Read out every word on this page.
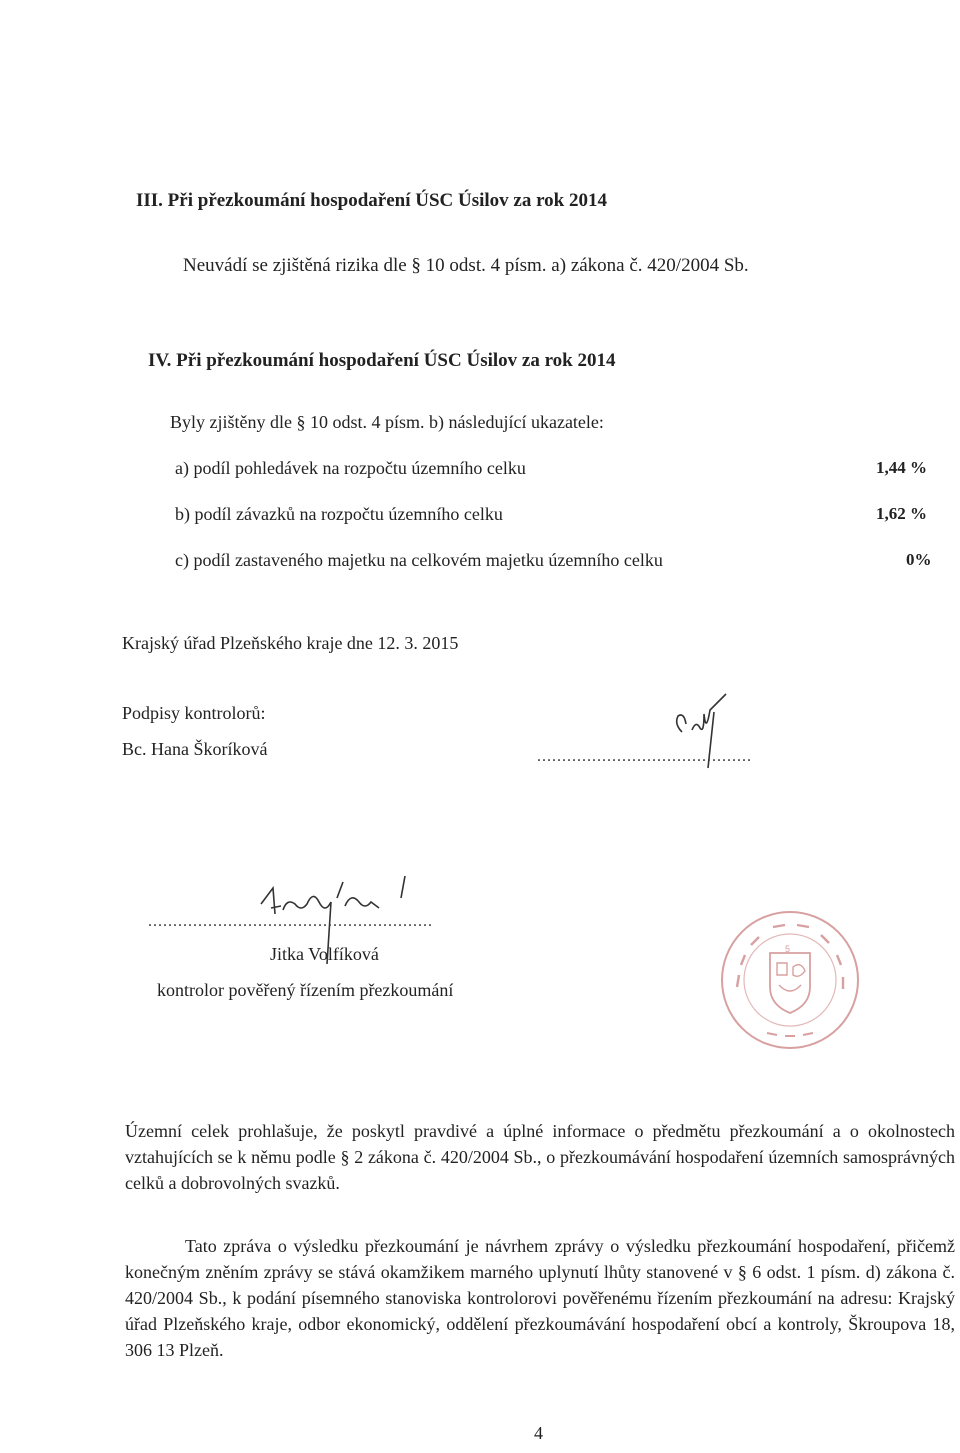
III. Při přezkoumání hospodaření ÚSC Úsilov za rok 2014
Neuvádí se zjištěná rizika dle § 10 odst. 4 písm. a) zákona č. 420/2004 Sb.
IV. Při přezkoumání hospodaření ÚSC Úsilov za rok 2014
Byly zjištěny dle § 10 odst. 4 písm. b) následující ukazatele:
a) podíl pohledávek na rozpočtu územního celku	1,44 %
b) podíl závazků na rozpočtu územního celku	1,62 %
c) podíl zastaveného majetku na celkovém majetku územního celku	0%
Krajský úřad Plzeňského kraje dne 12. 3. 2015
Podpisy kontrolorů:
Bc. Hana Škoríková	...........................................
.........................................................
Jitka Volfíková
kontrolor pověřený řízením přezkoumání
5
Územní celek prohlašuje, že poskytl pravdivé a úplné informace o předmětu přezkoumání a o okolnostech vztahujících se k němu podle § 2 zákona č. 420/2004 Sb., o přezkoumávání hospodaření územních samosprávných celků a dobrovolných svazků.
Tato zpráva o výsledku přezkoumání je návrhem zprávy o výsledku přezkoumání hospodaření, přičemž konečným zněním zprávy se stává okamžikem marného uplynutí lhůty stanovené v § 6 odst. 1 písm. d) zákona č. 420/2004 Sb., k podání písemného stanoviska kontrolorovi pověřenému řízením přezkoumání na adresu: Krajský úřad Plzeňského kraje, odbor ekonomický, oddělení přezkoumávání hospodaření obcí a kontroly, Škroupova 18, 306 13 Plzeň.
4
